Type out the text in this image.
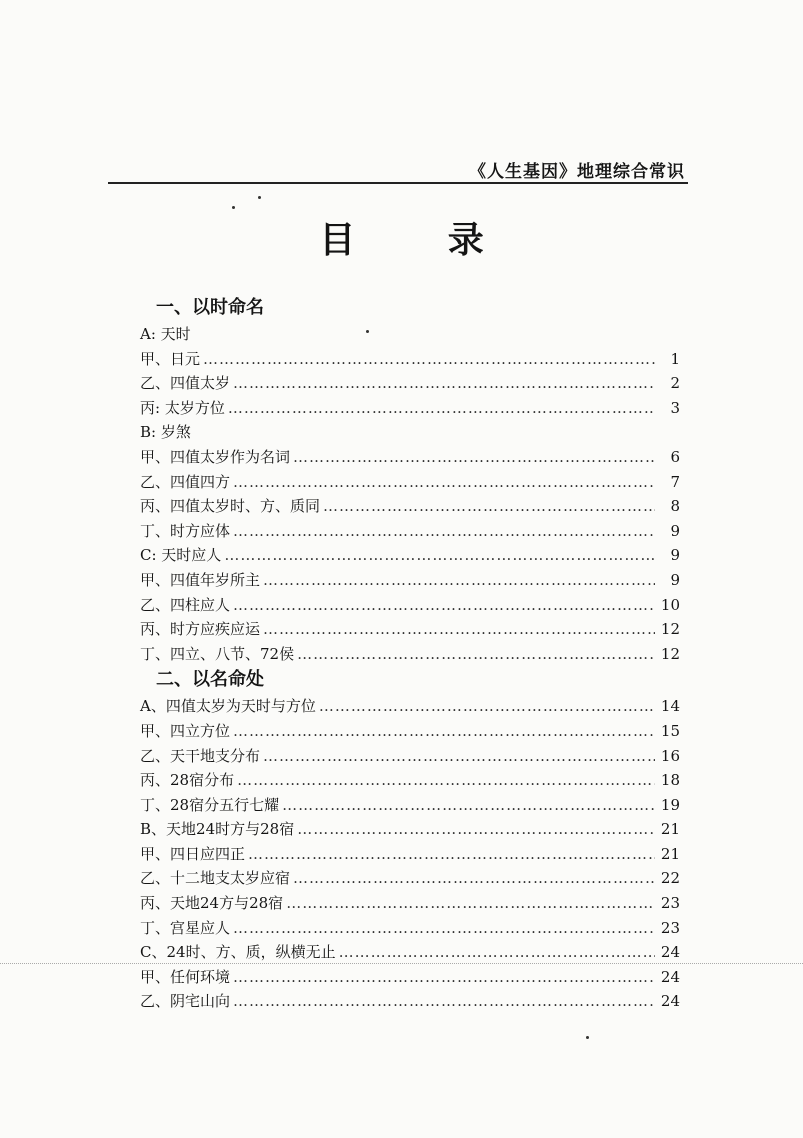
《人生基因》地理综合常识
目 录
一、以时命名
A: 天时
甲、日元 …………………………………………………………………………………………………………………………………………………………………………	1
乙、四值太岁 …………………………………………………………………………………………………………………………………………………………………………	2
丙: 太岁方位 …………………………………………………………………………………………………………………………………………………………………………	3
B: 岁煞
甲、四值太岁作为名词 …………………………………………………………………………………………………………………………………………………………………………	6
乙、四值四方 …………………………………………………………………………………………………………………………………………………………………………	7
丙、四值太岁时、方、质同 …………………………………………………………………………………………………………………………………………………………………………	8
丁、时方应体 …………………………………………………………………………………………………………………………………………………………………………	9
C: 天时应人 …………………………………………………………………………………………………………………………………………………………………………	9
甲、四值年岁所主 …………………………………………………………………………………………………………………………………………………………………………	9
乙、四柱应人 …………………………………………………………………………………………………………………………………………………………………………	10
丙、时方应疾应运 …………………………………………………………………………………………………………………………………………………………………………	12
丁、四立、八节、72侯 …………………………………………………………………………………………………………………………………………………………………………	12
二、以名命处
A、四值太岁为天时与方位 …………………………………………………………………………………………………………………………………………………………………………	14
甲、四立方位 …………………………………………………………………………………………………………………………………………………………………………	15
乙、天干地支分布 …………………………………………………………………………………………………………………………………………………………………………	16
丙、28宿分布 …………………………………………………………………………………………………………………………………………………………………………	18
丁、28宿分五行七耀 …………………………………………………………………………………………………………………………………………………………………………	19
B、天地24时方与28宿 …………………………………………………………………………………………………………………………………………………………………………	21
甲、四日应四正 …………………………………………………………………………………………………………………………………………………………………………	21
乙、十二地支太岁应宿 …………………………………………………………………………………………………………………………………………………………………………	22
丙、天地24方与28宿 …………………………………………………………………………………………………………………………………………………………………………	23
丁、宫星应人 …………………………………………………………………………………………………………………………………………………………………………	23
C、24时、方、质，纵横无止 …………………………………………………………………………………………………………………………………………………………………………	24
甲、任何环境 …………………………………………………………………………………………………………………………………………………………………………	24
乙、阴宅山向 …………………………………………………………………………………………………………………………………………………………………………	24
